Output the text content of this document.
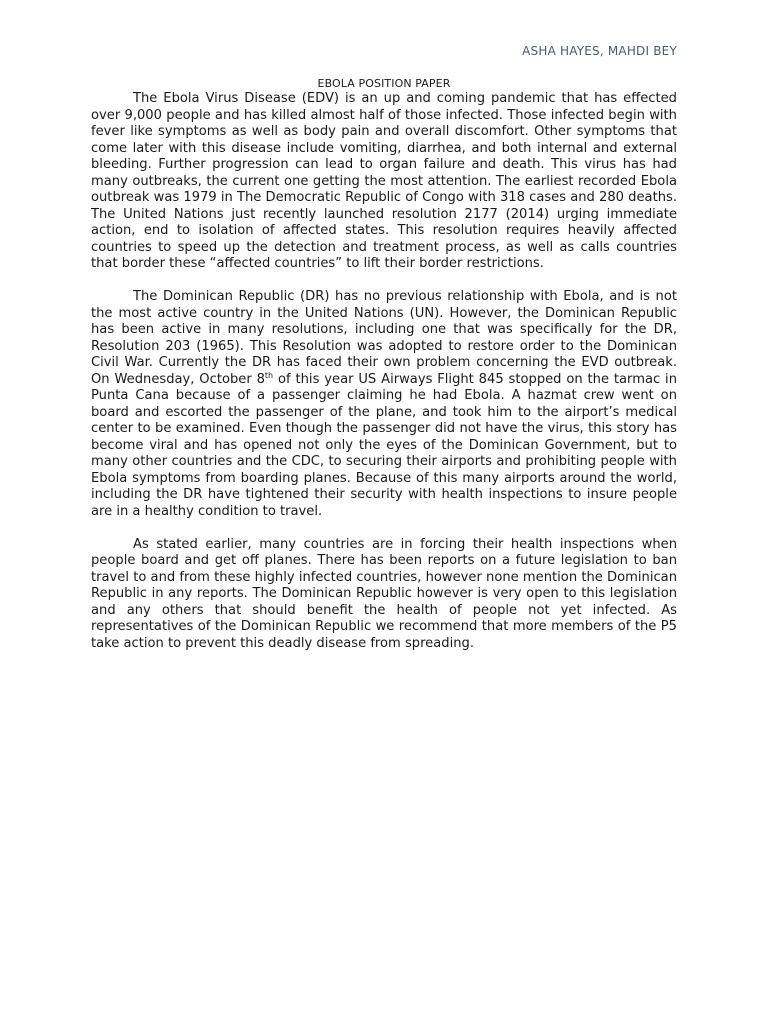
ASHA HAYES, MAHDI BEY
EBOLA POSITION PAPER

The Ebola Virus Disease (EDV) is an up and coming pandemic that has effected over 9,000 people and has killed almost half of those infected. Those infected begin with fever like symptoms as well as body pain and overall discomfort. Other symptoms that come later with this disease include vomiting, diarrhea, and both internal and external bleeding. Further progression can lead to organ failure and death. This virus has had many outbreaks, the current one getting the most attention. The earliest recorded Ebola outbreak was 1979 in The Democratic Republic of Congo with 318 cases and 280 deaths. The United Nations just recently launched resolution 2177 (2014) urging immediate action, end to isolation of affected states. This resolution requires heavily affected countries to speed up the detection and treatment process, as well as calls countries that border these “affected countries” to lift their border restrictions.

The Dominican Republic (DR) has no previous relationship with Ebola, and is not the most active country in the United Nations (UN). However, the Dominican Republic has been active in many resolutions, including one that was specifically for the DR, Resolution 203 (1965). This Resolution was adopted to restore order to the Dominican Civil War. Currently the DR has faced their own problem concerning the EVD outbreak. On Wednesday, October 8th of this year US Airways Flight 845 stopped on the tarmac in Punta Cana because of a passenger claiming he had Ebola. A hazmat crew went on board and escorted the passenger of the plane, and took him to the airport’s medical center to be examined. Even though the passenger did not have the virus, this story has become viral and has opened not only the eyes of the Dominican Government, but to many other countries and the CDC, to securing their airports and prohibiting people with Ebola symptoms from boarding planes. Because of this many airports around the world, including the DR have tightened their security with health inspections to insure people are in a healthy condition to travel.

As stated earlier, many countries are in forcing their health inspections when people board and get off planes. There has been reports on a future legislation to ban travel to and from these highly infected countries, however none mention the Dominican Republic in any reports. The Dominican Republic however is very open to this legislation and any others that should benefit the health of people not yet infected. As representatives of the Dominican Republic we recommend that more members of the P5 take action to prevent this deadly disease from spreading.
